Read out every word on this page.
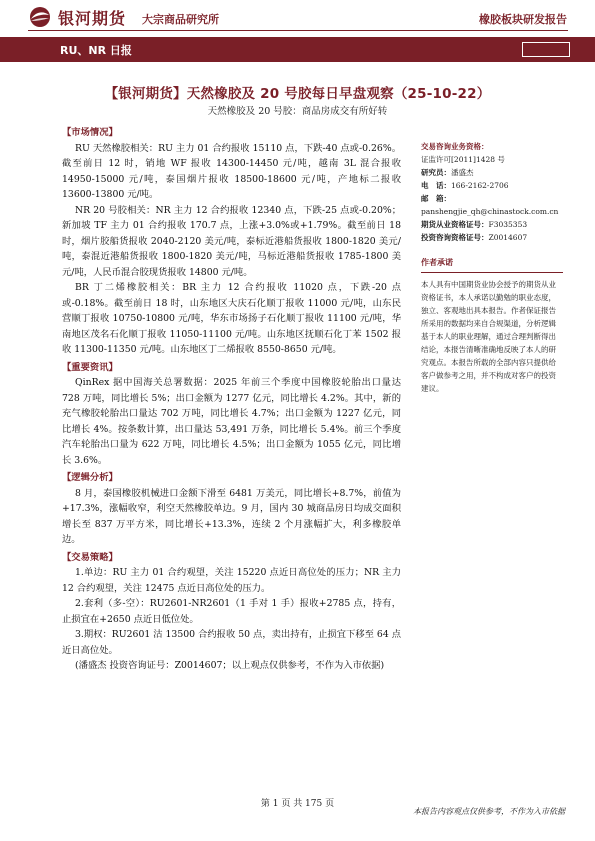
银河期货 大宗商品研究所	橡胶板块研发报告
RU、NR 日报
【银河期货】天然橡胶及 20 号胶每日早盘观察（25-10-22）
天然橡胶及 20 号胶：商品房成交有所好转
【市场情况】
RU 天然橡胶相关：RU 主力 01 合约报收 15110 点，下跌-40 点或-0.26%。截至前日 12 时，销地 WF 报收 14300-14450 元/吨，越南 3L 混合报收 14950-15000 元/吨，泰国烟片报收 18500-18600 元/吨，产地标二报收 13600-13800 元/吨。
NR 20 号胶相关：NR 主力 12 合约报收 12340 点，下跌-25 点或-0.20%；新加坡 TF 主力 01 合约报收 170.7 点，上涨+3.0%或+1.79%。截至前日 18 时，烟片胶船货报收 2040-2120 美元/吨，泰标近港船货报收 1800-1820 美元/吨，泰混近港船货报收 1800-1820 美元/吨，马标近港船货报收 1785-1800 美元/吨，人民币混合胶现货报收 14800 元/吨。
BR 丁二烯橡胶相关：BR 主力 12 合约报收 11020 点，下跌-20 点或-0.18%。截至前日 18 时，山东地区大庆石化顺丁报收 11000 元/吨，山东民营顺丁报收 10750-10800 元/吨，华东市场扬子石化顺丁报收 11100 元/吨，华南地区茂名石化顺丁报收 11050-11100 元/吨。山东地区抚顺石化丁苯 1502 报收 11300-11350 元/吨。山东地区丁二烯报收 8550-8650 元/吨。
【重要资讯】
QinRex 据中国海关总署数据：2025 年前三个季度中国橡胶轮胎出口量达 728 万吨，同比增长 5%；出口金额为 1277 亿元，同比增长 4.2%。其中，新的充气橡胶轮胎出口量达 702 万吨，同比增长 4.7%；出口金额为 1227 亿元，同比增长 4%。按条数计算，出口量达 53,491 万条，同比增长 5.4%。前三个季度汽车轮胎出口量为 622 万吨，同比增长 4.5%；出口金额为 1055 亿元，同比增长 3.6%。
【逻辑分析】
8 月，泰国橡胶机械进口金额下滑至 6481 万美元，同比增长+8.7%，前值为+17.3%，涨幅收窄，利空天然橡胶单边。9 月，国内 30 城商品房日均成交面积增长至 837 万平方米，同比增长+13.3%，连续 2 个月涨幅扩大，利多橡胶单边。
【交易策略】
1.单边：RU 主力 01 合约观望，关注 15220 点近日高位处的压力；NR 主力 12 合约观望，关注 12475 点近日高位处的压力。
2.套利（多-空）：RU2601-NR2601（1 手对 1 手）报收+2785 点，持有，止损宜在+2650 点近日低位处。
3.期权：RU2601 沽 13500 合约报收 50 点，卖出持有，止损宜下移至 64 点近日高位处。
(潘盛杰 投资咨询证号：Z0014607；以上观点仅供参考，不作为入市依据)
交易咨询业务资格：
证监许可[2011]1428 号
研究员：潘盛杰
电　话：166-2162-2706
邮　箱：
panshengjie_qh@chinastock.com.cn
期货从业资格证号：F3035353
投资咨询资格证号：Z0014607
作者承诺
本人具有中国期货业协会授予的期货从业资格证书，本人承诺以勤勉的职业态度，独立、客观地出具本报告。作者保证报告所采用的数据均来自合规渠道，分析逻辑基于本人的职业理解，通过合理判断得出结论，本报告清晰准确地反映了本人的研究观点。本报告所载的全部内容只提供给客户做参考之用，并不构成对客户的投资建议。
第 1 页 共 175 页
本报告内容观点仅供参考，不作为入市依据
